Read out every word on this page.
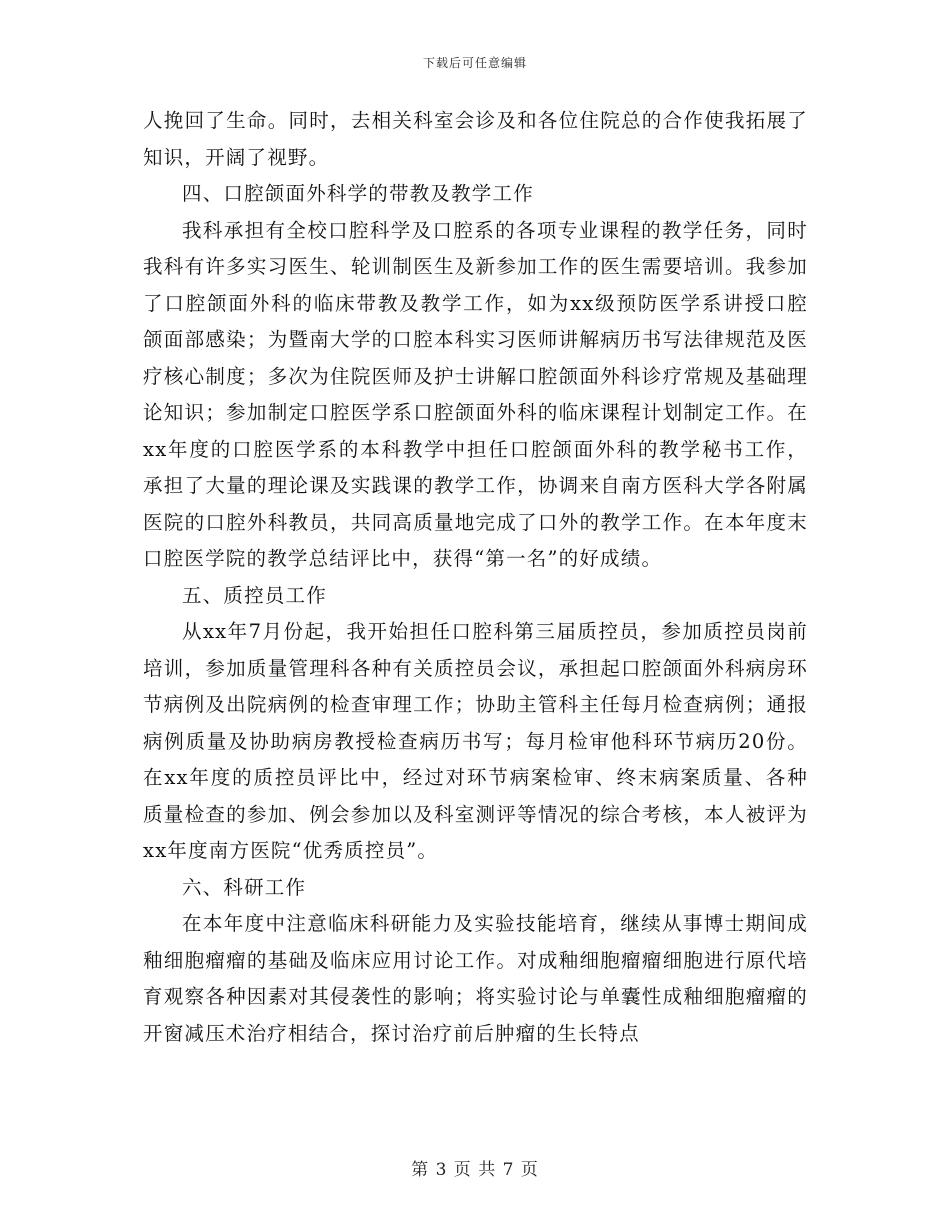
下载后可任意编辑

人挽回了生命。同时，去相关科室会诊及和各位住院总的合作使我拓展了知识，开阔了视野。

四、口腔颌面外科学的带教及教学工作

我科承担有全校口腔科学及口腔系的各项专业课程的教学任务，同时我科有许多实习医生、轮训制医生及新参加工作的医生需要培训。我参加了口腔颌面外科的临床带教及教学工作，如为xx级预防医学系讲授口腔颌面部感染；为暨南大学的口腔本科实习医师讲解病历书写法律规范及医疗核心制度；多次为住院医师及护士讲解口腔颌面外科诊疗常规及基础理论知识；参加制定口腔医学系口腔颌面外科的临床课程计划制定工作。在xx年度的口腔医学系的本科教学中担任口腔颌面外科的教学秘书工作，承担了大量的理论课及实践课的教学工作，协调来自南方医科大学各附属医院的口腔外科教员，共同高质量地完成了口外的教学工作。在本年度末口腔医学院的教学总结评比中，获得“第一名”的好成绩。

五、质控员工作

从xx年7月份起，我开始担任口腔科第三届质控员，参加质控员岗前培训，参加质量管理科各种有关质控员会议，承担起口腔颌面外科病房环节病例及出院病例的检查审理工作；协助主管科主任每月检查病例；通报病例质量及协助病房教授检查病历书写；每月检审他科环节病历20份。在xx年度的质控员评比中，经过对环节病案检审、终末病案质量、各种质量检查的参加、例会参加以及科室测评等情况的综合考核，本人被评为xx年度南方医院“优秀质控员”。

六、科研工作

在本年度中注意临床科研能力及实验技能培育，继续从事博士期间成釉细胞瘤瘤的基础及临床应用讨论工作。对成釉细胞瘤瘤细胞进行原代培育观察各种因素对其侵袭性的影响；将实验讨论与单囊性成釉细胞瘤瘤的开窗减压术治疗相结合，探讨治疗前后肿瘤的生长特点

第 3 页 共 7 页
